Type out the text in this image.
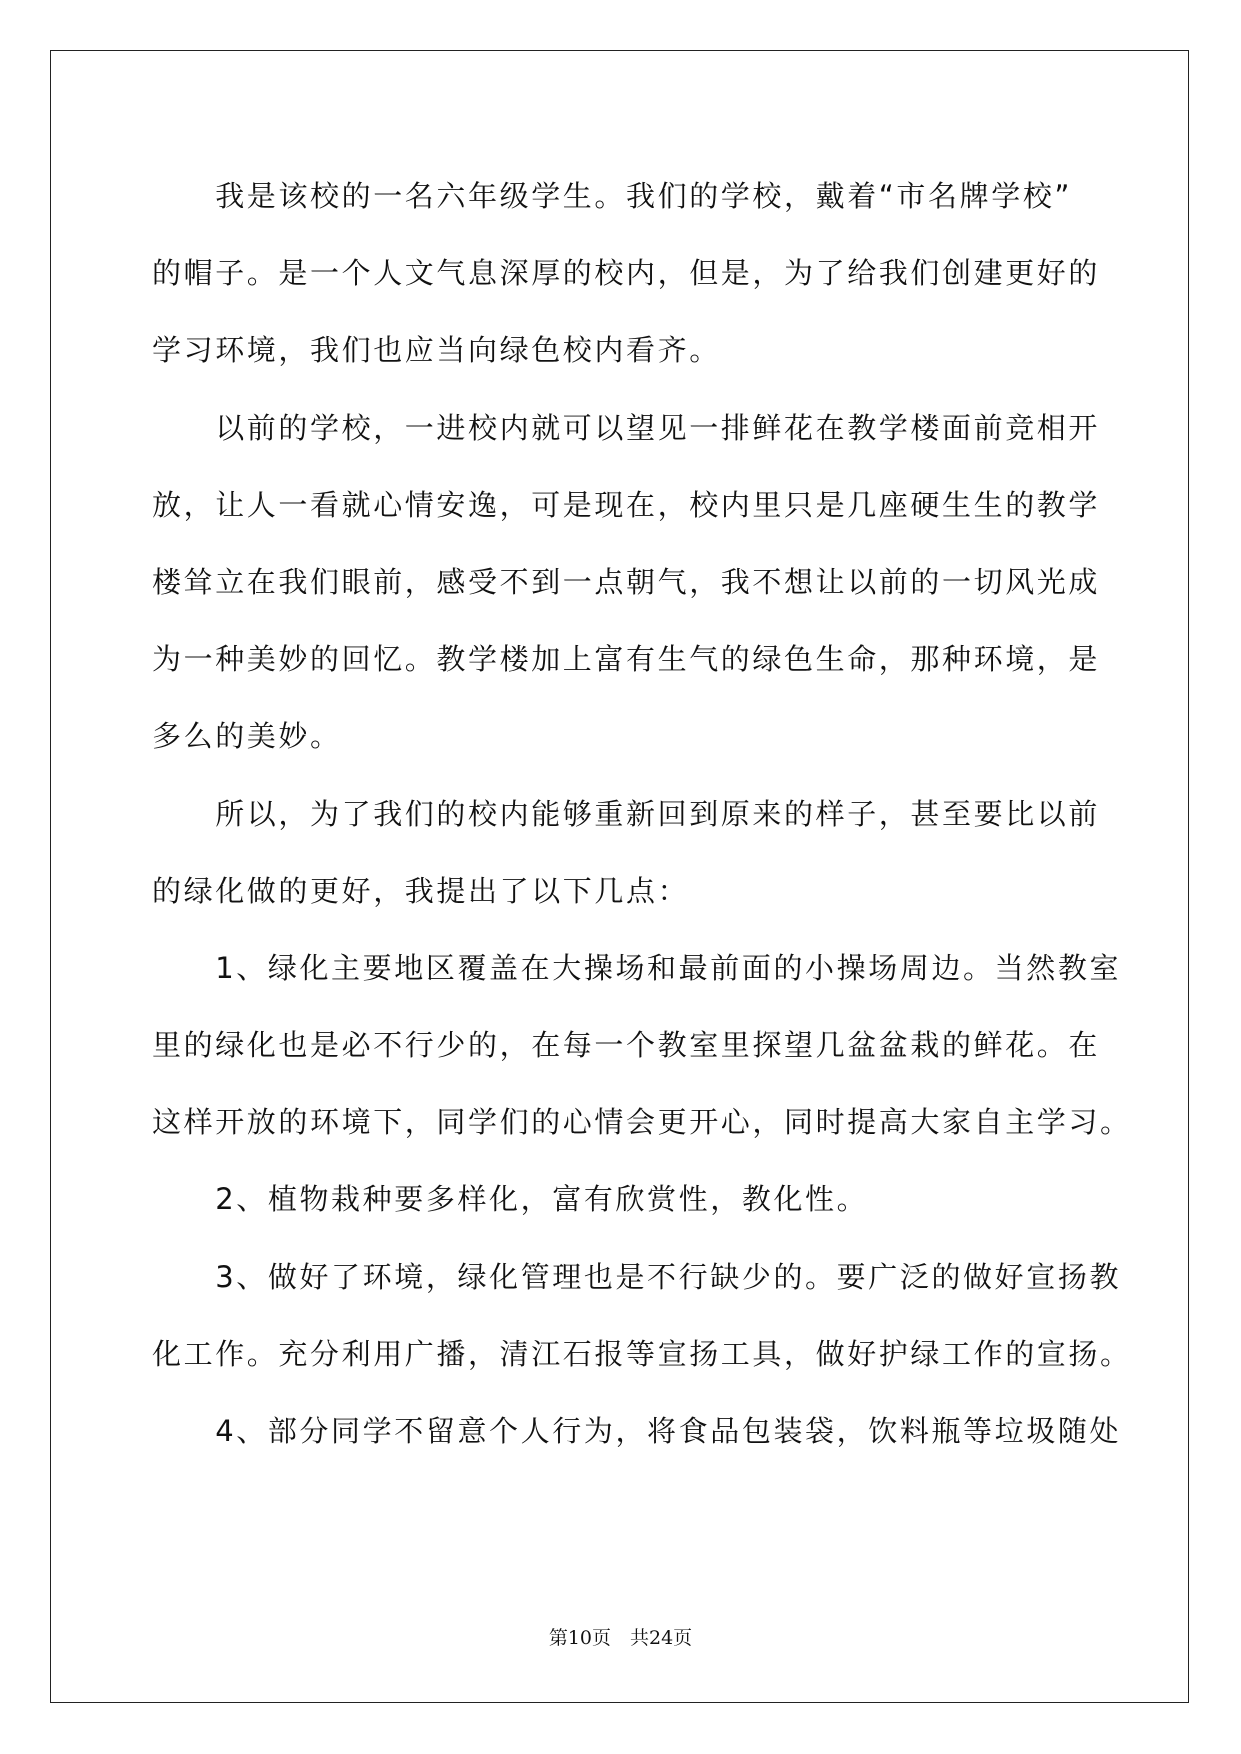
　　我是该校的一名六年级学生。我们的学校，戴着“市名牌学校”
的帽子。是一个人文气息深厚的校内，但是，为了给我们创建更好的
学习环境，我们也应当向绿色校内看齐。
　　以前的学校，一进校内就可以望见一排鲜花在教学楼面前竞相开
放，让人一看就心情安逸，可是现在，校内里只是几座硬生生的教学
楼耸立在我们眼前，感受不到一点朝气，我不想让以前的一切风光成
为一种美妙的回忆。教学楼加上富有生气的绿色生命，那种环境，是
多么的美妙。
　　所以，为了我们的校内能够重新回到原来的样子，甚至要比以前
的绿化做的更好，我提出了以下几点：
　　1、绿化主要地区覆盖在大操场和最前面的小操场周边。当然教室
里的绿化也是必不行少的，在每一个教室里探望几盆盆栽的鲜花。在
这样开放的环境下，同学们的心情会更开心，同时提高大家自主学习。
　　2、植物栽种要多样化，富有欣赏性，教化性。
　　3、做好了环境，绿化管理也是不行缺少的。要广泛的做好宣扬教
化工作。充分利用广播，清江石报等宣扬工具，做好护绿工作的宣扬。
　　4、部分同学不留意个人行为，将食品包装袋，饮料瓶等垃圾随处
第10页　共24页
